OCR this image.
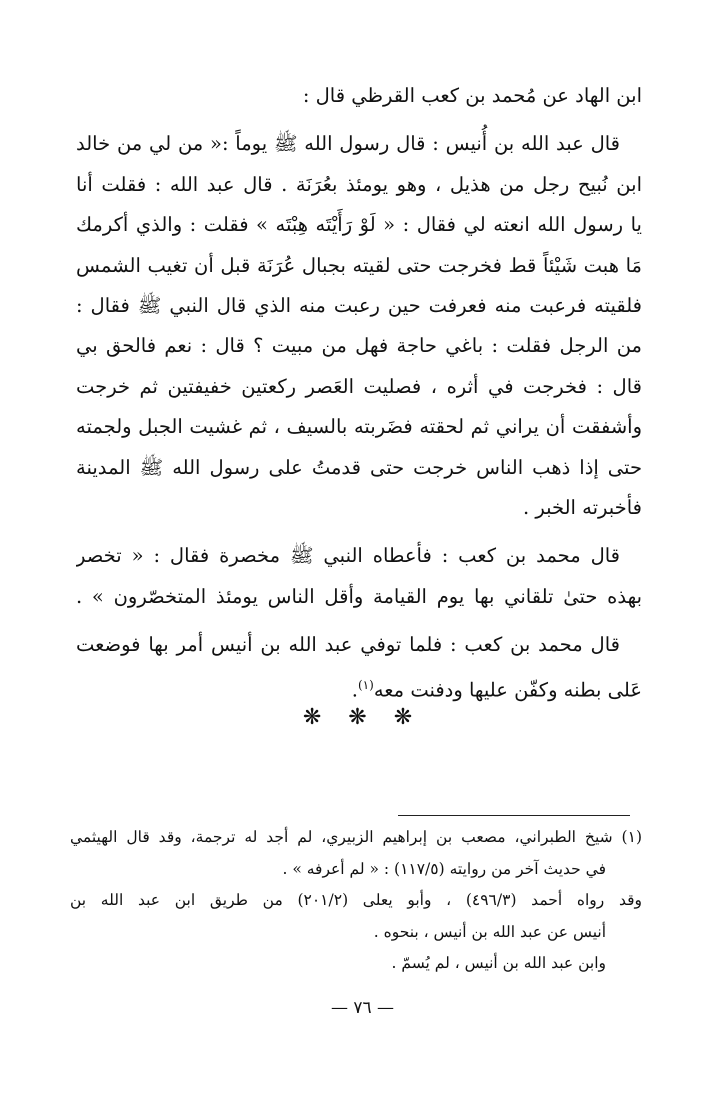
ابن الهاد عن مُحمد بن كعب القرظي قال :
قال عبد الله بن أُنيس : قال رسول الله ﷺ يوماً :« من لي من خالد
ابن نُبيح رجل من هذيل ، وهو يومئذ بعُرَنَة . قال عبد الله : فقلت أنا
يا رسول الله انعته لي فقال : « لَوْ رَأَيْتَه هِبْتَه » فقلت : والذي أكرمك
مَا هبت شَيْئاً قط فخرجت حتى لقيته بجبال عُرَنَة قبل أن تغيب الشمس
فلقيته فرعبت منه فعرفت حين رعبت منه الذي قال النبي ﷺ فقال :
من الرجل فقلت : باغي حاجة فهل من مبيت ؟ قال : نعم فالحق بي
قال : فخرجت في أثره ، فصليت العَصر ركعتين خفيفتين ثم خرجت
وأشفقت أن يراني ثم لحقته فضَربته بالسيف ، ثم غشيت الجبل ولجمته
حتى إذا ذهب الناس خرجت حتى قدمتُ على رسول الله ﷺ المدينة
فأخبرته الخبر .
قال محمد بن كعب : فأعطاه النبي ﷺ مخصرة فقال : « تخصر
بهذه حتىٰ تلقاني بها يوم القيامة وأقل الناس يومئذ المتخصّرون » .
قال محمد بن كعب : فلما توفي عبد الله بن أنيس أمر بها فوضعت
عَلى بطنه وكفّن عليها ودفنت معه$^{(١)}$.
❋ ❋ ❋
(١) شيخ الطبراني، مصعب بن إبراهيم الزبيري، لم أجد له ترجمة، وقد قال الهيثمي
في حديث آخر من روايته (١١٧/٥) : « لم أعرفه » .
وقد رواه أحمد (٤٩٦/٣) ، وأبو يعلى (٢٠١/٢) من طريق ابن عبد الله بن
أنيس عن عبد الله بن أنيس ، بنحوه .
وابن عبد الله بن أنيس ، لم يُسمّ .
— ٧٦ —
